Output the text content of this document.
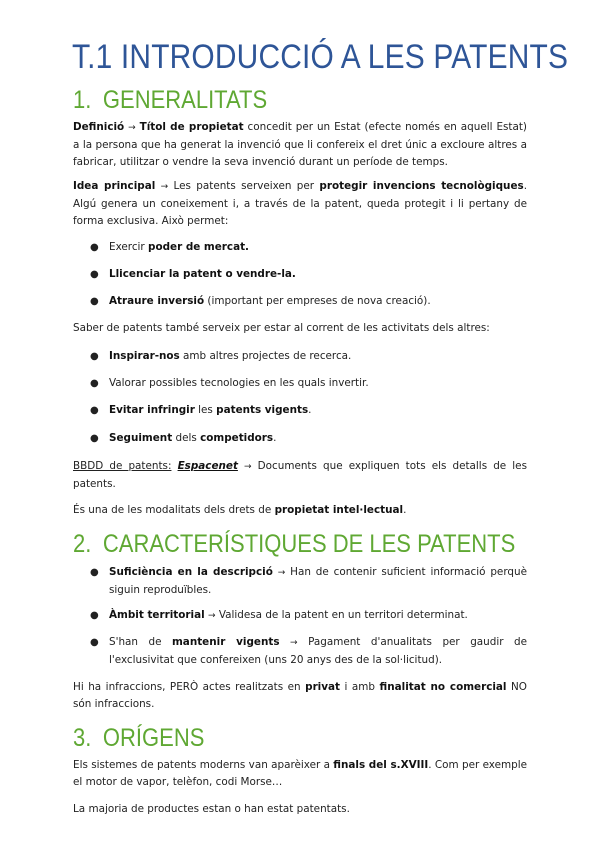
T.1 INTRODUCCIÓ A LES PATENTS
1. GENERALITATS

Definició → Títol de propietat concedit per un Estat (efecte només en aquell Estat) a la persona que ha generat la invenció que li confereix el dret únic a excloure altres a fabricar, utilitzar o vendre la seva invenció durant un període de temps.

Idea principal → Les patents serveixen per protegir invencions tecnològiques. Algú genera un coneixement i, a través de la patent, queda protegit i li pertany de forma exclusiva. Això permet:

● Exercir poder de mercat.
● Llicenciar la patent o vendre-la.
● Atraure inversió (important per empreses de nova creació).

Saber de patents també serveix per estar al corrent de les activitats dels altres:

● Inspirar-nos amb altres projectes de recerca.
● Valorar possibles tecnologies en les quals invertir.
● Evitar infringir les patents vigents.
● Seguiment dels competidors.

BBDD de patents: Espacenet → Documents que expliquen tots els detalls de les patents.

És una de les modalitats dels drets de propietat intel·lectual.

2. CARACTERÍSTIQUES DE LES PATENTS
● Suficiència en la descripció → Han de contenir suficient informació perquè siguin reproduïbles.
● Àmbit territorial → Validesa de la patent en un territori determinat.
● S'han de mantenir vigents → Pagament d'anualitats per gaudir de l'exclusivitat que confereixen (uns 20 anys des de la sol·licitud).

Hi ha infraccions, PERÒ actes realitzats en privat i amb finalitat no comercial NO són infraccions.

3. ORÍGENS

Els sistemes de patents moderns van aparèixer a finals del s.XVIII. Com per exemple el motor de vapor, telèfon, codi Morse…

La majoria de productes estan o han estat patentats.
